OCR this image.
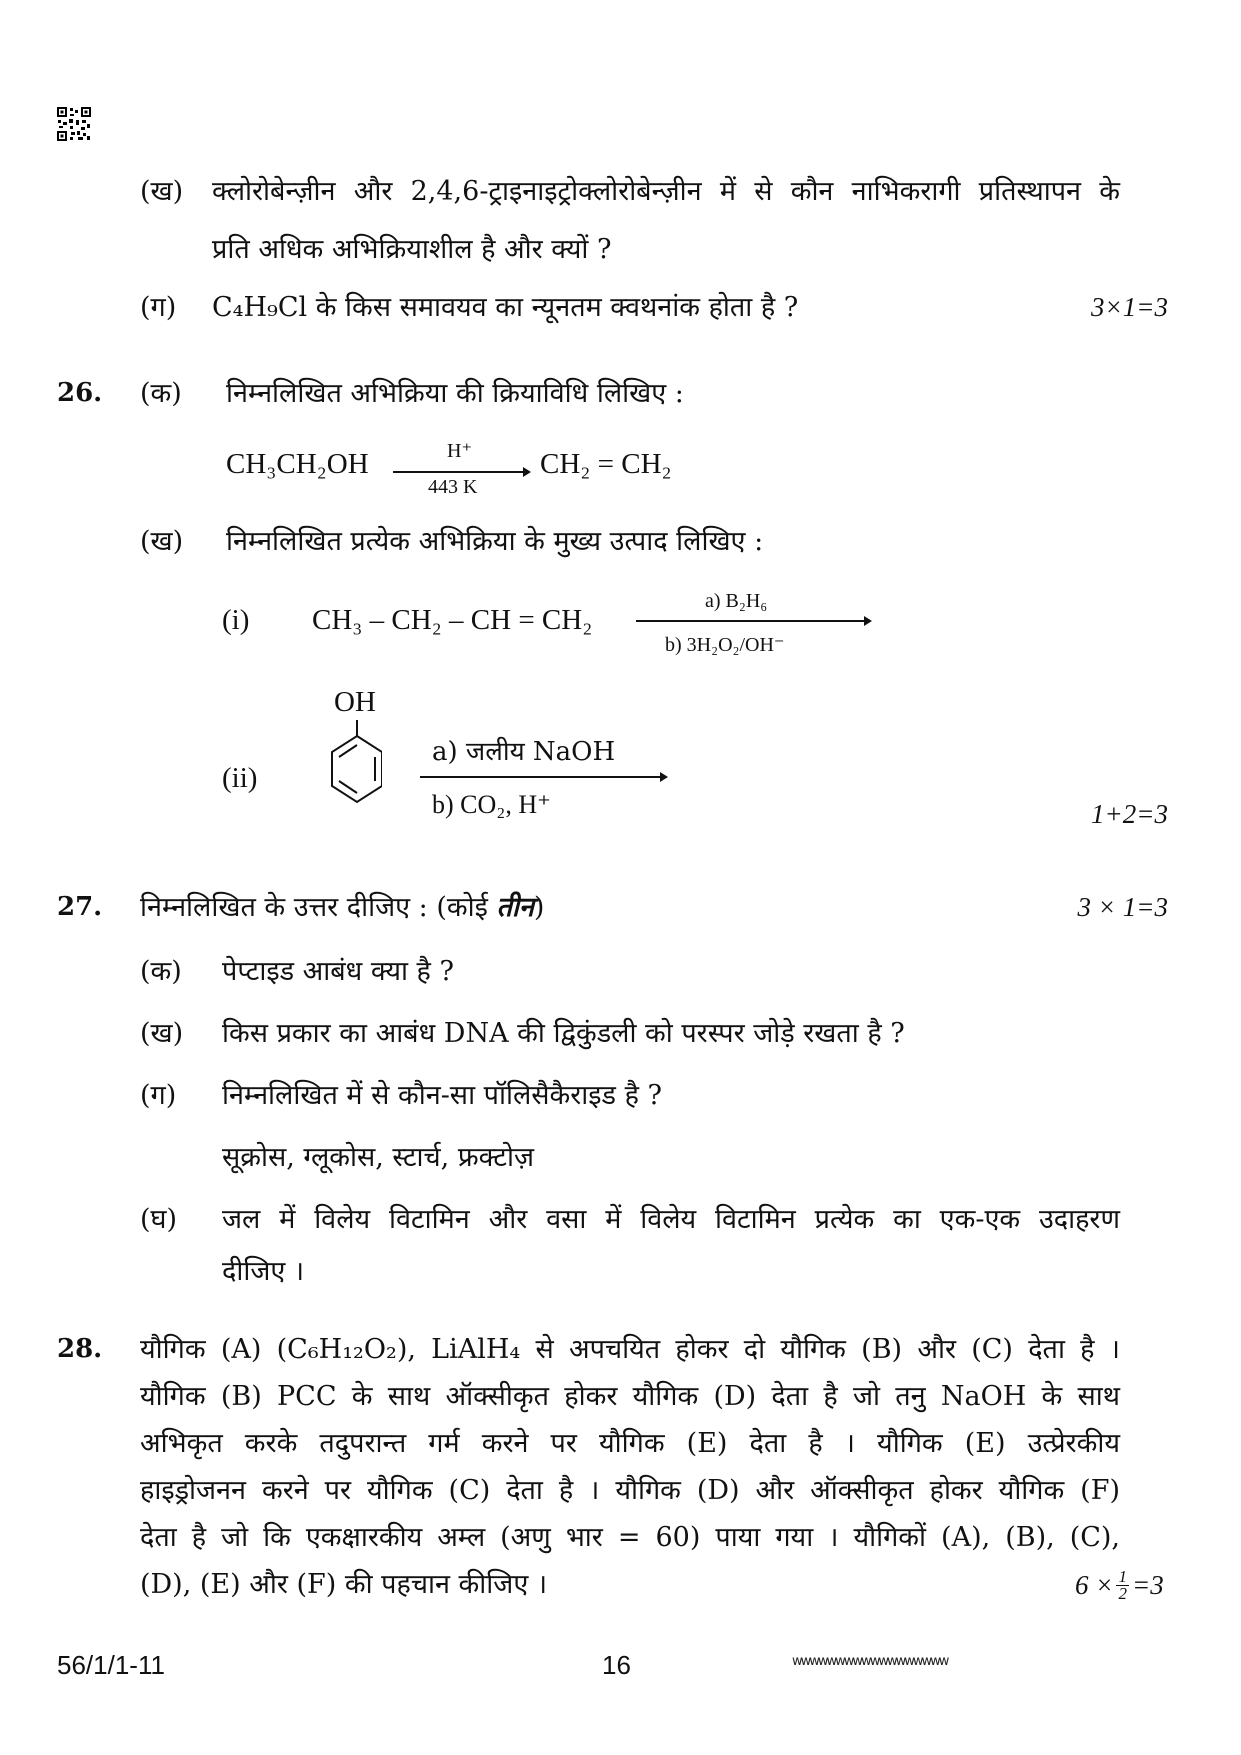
(ख) क्लोरोबेन्ज़ीन और 2,4,6-ट्राइनाइट्रोक्लोरोबेन्ज़ीन में से कौन नाभिकरागी प्रतिस्थापन के
प्रति अधिक अभिक्रियाशील है और क्यों ?
(ग) C₄H₉Cl के किस समावयव का न्यूनतम क्वथनांक होता है ?	3×1=3
26. (क) निम्नलिखित अभिक्रिया की क्रियाविधि लिखिए :
CH₃CH₂OH	H⁺
443 K
CH₂ = CH₂
(ख) निम्नलिखित प्रत्येक अभिक्रिया के मुख्य उत्पाद लिखिए :
(i) CH₃ – CH₂ – CH = CH₂
a) B₂H₆
b) 3H₂O₂/OH⁻
OH
(ii)
a) जलीय NaOH
b) CO₂, H⁺	1+2=3
27. निम्नलिखित के उत्तर दीजिए : (कोई तीन)	3 × 1=3
(क) पेप्टाइड आबंध क्या है ?
(ख) किस प्रकार का आबंध DNA की द्विकुंडली को परस्पर जोड़े रखता है ?
(ग) निम्नलिखित में से कौन-सा पॉलिसैकैराइड है ?
सूक्रोस, ग्लूकोस, स्टार्च, फ्रक्टोज़
(घ) जल में विलेय विटामिन और वसा में विलेय विटामिन प्रत्येक का एक-एक उदाहरण
दीजिए ।
28. यौगिक (A) (C₆H₁₂O₂), LiAlH₄ से अपचयित होकर दो यौगिक (B) और (C) देता है ।
यौगिक (B) PCC के साथ ऑक्सीकृत होकर यौगिक (D) देता है जो तनु NaOH के साथ
अभिकृत करके तदुपरान्त गर्म करने पर यौगिक (E) देता है । यौगिक (E) उत्प्रेरकीय
हाइड्रोजनन करने पर यौगिक (C) देता है । यौगिक (D) और ऑक्सीकृत होकर यौगिक (F)
देता है जो कि एकक्षारकीय अम्ल (अणु भार = 60) पाया गया । यौगिकों (A), (B), (C),
(D), (E) और (F) की पहचान कीजिए ।	$6 \times \frac{1}{2} =3$
56/1/1-11	16	wwwwwwwwwwwwwwwwww
